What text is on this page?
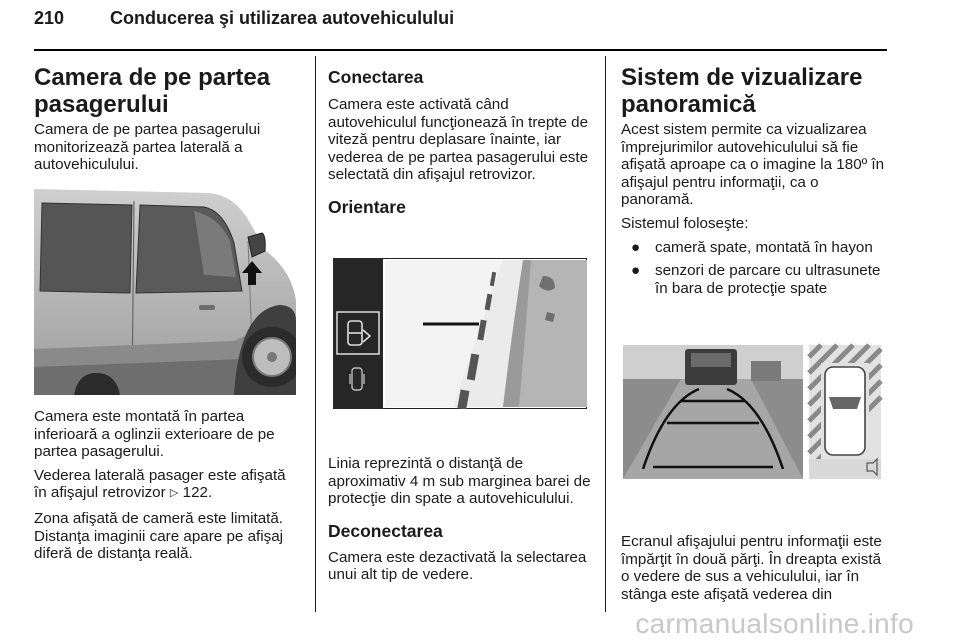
210	Conducerea şi utilizarea autovehiculului
Camera de pe partea pasagerului

Camera de pe partea pasagerului monitorizează partea laterală a autovehiculului.

Camera este montată în partea inferioară a oglinzii exterioare de pe partea pasagerului.

Vederea laterală pasager este afişată în afişajul retrovizor ▷ 122.

Zona afişată de cameră este limitată. Distanţa imaginii care apare pe afişaj diferă de distanţa reală.

Conectarea

Camera este activată când autovehiculul funcţionează în trepte de viteză pentru deplasare înainte, iar vederea de pe partea pasagerului este selectată din afişajul retrovizor.

Orientare

Linia reprezintă o distanţă de aproximativ 4 m sub marginea barei de protecţie din spate a autovehiculului.

Deconectarea

Camera este dezactivată la selectarea unui alt tip de vedere.

Sistem de vizualizare panoramică

Acest sistem permite ca vizualizarea împrejurimilor autovehiculului să fie afişată aproape ca o imagine la 180º în afişajul pentru informaţii, ca o panoramă.

Sistemul foloseşte:

● cameră spate, montată în hayon
● senzori de parcare cu ultrasunete în bara de protecţie spate

Ecranul afişajului pentru informaţii este împărţit în două părţi. În dreapta există o vedere de sus a vehiculului, iar în stânga este afişată vederea din

carmanualsonline.info
